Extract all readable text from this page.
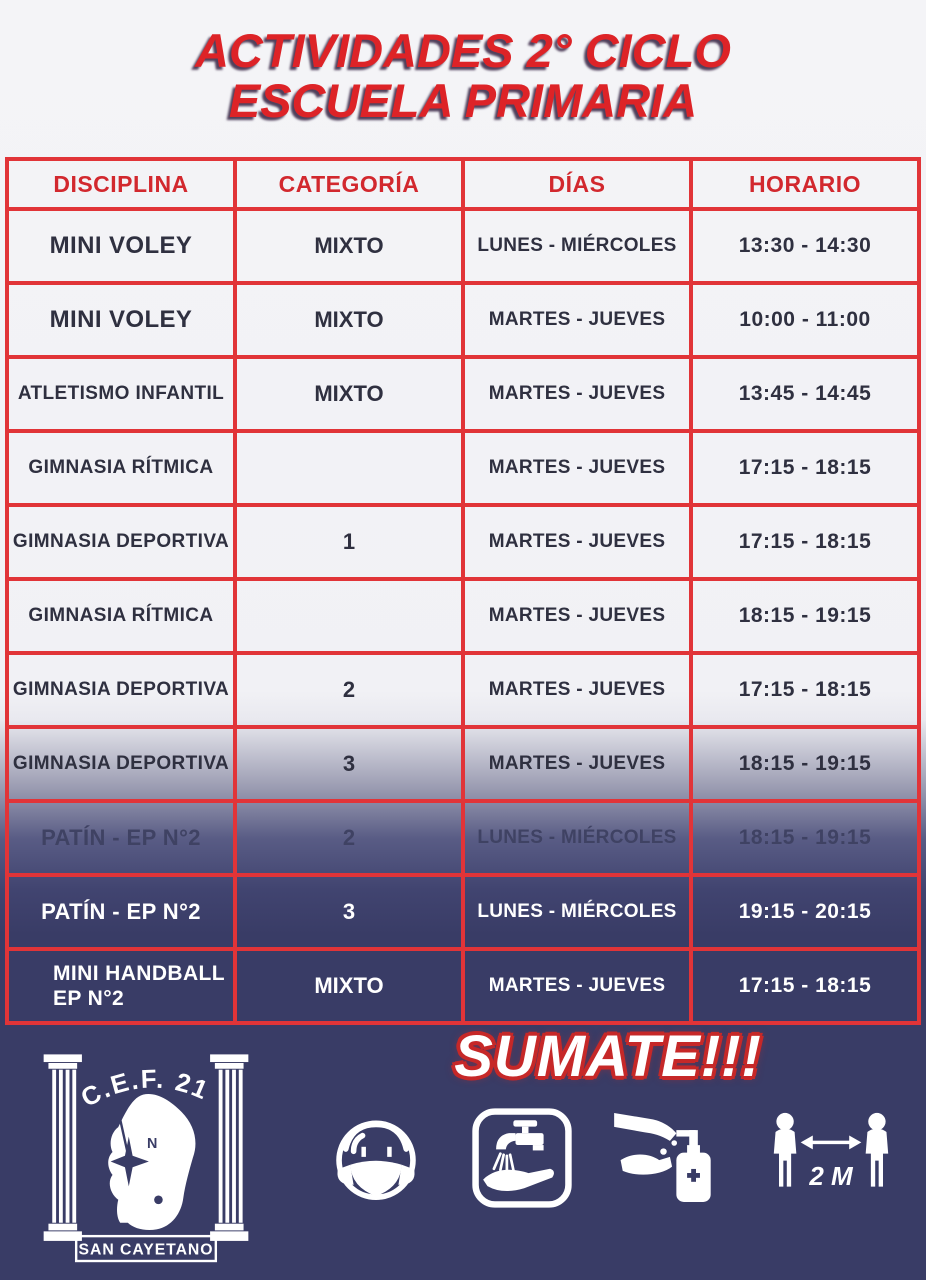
ACTIVIDADES 2° CICLO
ESCUELA PRIMARIA
DISCIPLINA	CATEGORÍA	DÍAS	HORARIO
MINI VOLEY	MIXTO	LUNES - MIÉRCOLES	13:30 - 14:30
MINI VOLEY	MIXTO	MARTES - JUEVES	10:00 - 11:00
ATLETISMO INFANTIL	MIXTO	MARTES - JUEVES	13:45 - 14:45
GIMNASIA RÍTMICA		MARTES - JUEVES	17:15 - 18:15
GIMNASIA DEPORTIVA	1	MARTES - JUEVES	17:15 - 18:15
GIMNASIA RÍTMICA		MARTES - JUEVES	18:15 - 19:15
GIMNASIA DEPORTIVA	2	MARTES - JUEVES	17:15 - 18:15
GIMNASIA DEPORTIVA	3	MARTES - JUEVES	18:15 - 19:15
PATÍN - EP N°2	2	LUNES - MIÉRCOLES	18:15 - 19:15
PATÍN - EP N°2	3	LUNES - MIÉRCOLES	19:15 - 20:15
MINI HANDBALL EP N°2	MIXTO	MARTES - JUEVES	17:15 - 18:15
C.E.F. 21
N
SAN CAYETANO
SUMATE!!!
2 M
